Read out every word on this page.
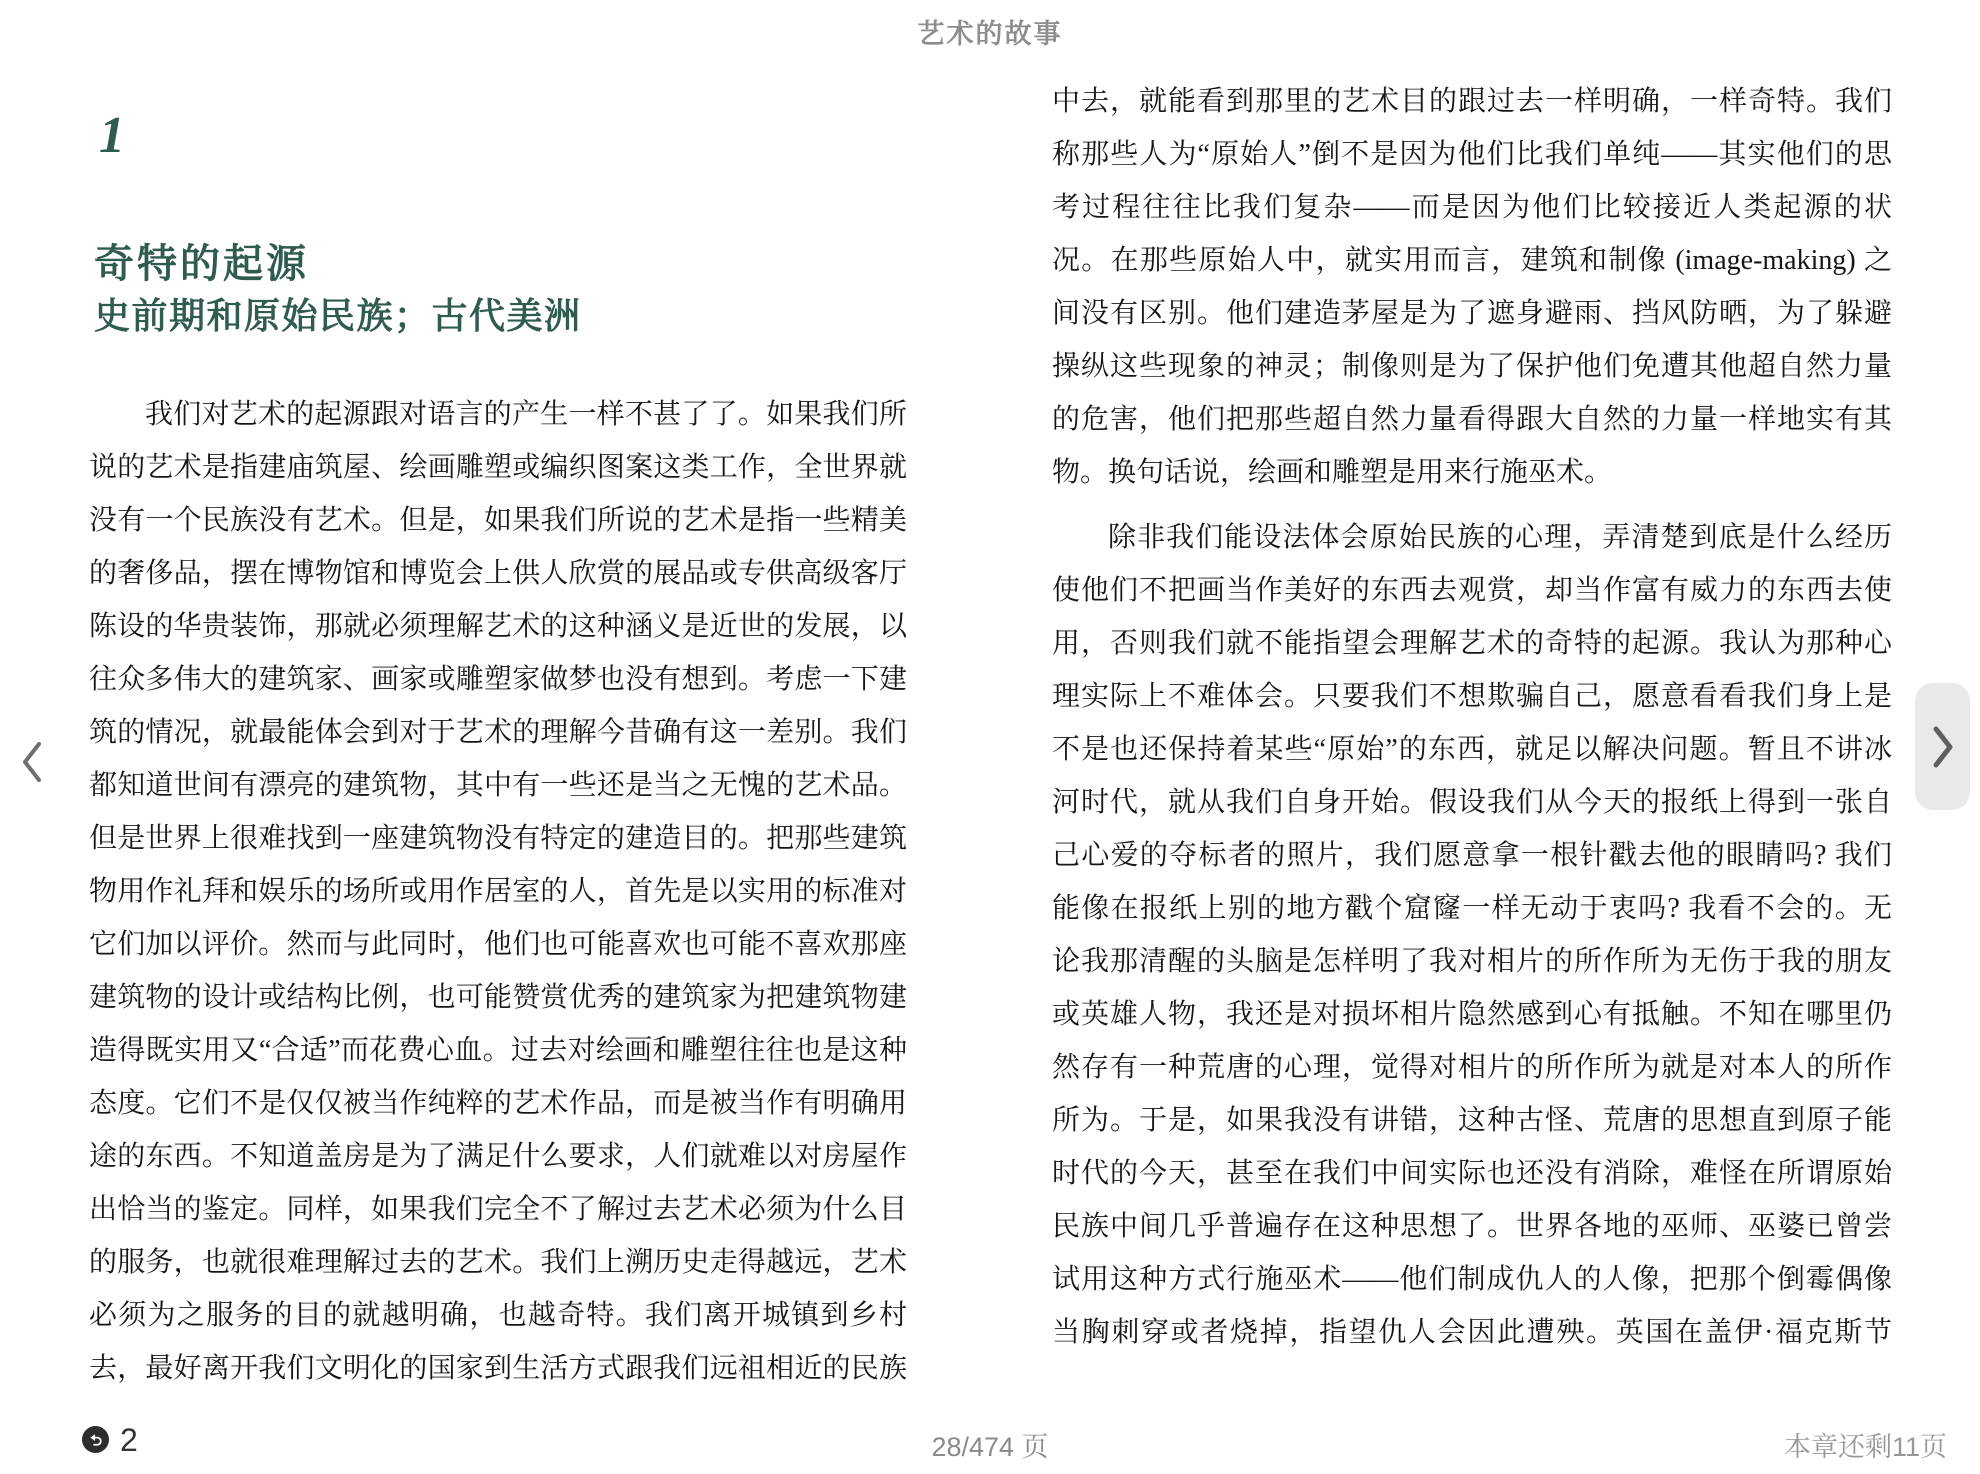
艺术的故事
1
奇特的起源
史前期和原始民族；古代美洲
我们对艺术的起源跟对语言的产生一样不甚了了。如果我们所
说的艺术是指建庙筑屋、绘画雕塑或编织图案这类工作，全世界就
没有一个民族没有艺术。但是，如果我们所说的艺术是指一些精美
的奢侈品，摆在博物馆和博览会上供人欣赏的展品或专供高级客厅
陈设的华贵装饰，那就必须理解艺术的这种涵义是近世的发展，以
往众多伟大的建筑家、画家或雕塑家做梦也没有想到。考虑一下建
筑的情况，就最能体会到对于艺术的理解今昔确有这一差别。我们
都知道世间有漂亮的建筑物，其中有一些还是当之无愧的艺术品。
但是世界上很难找到一座建筑物没有特定的建造目的。把那些建筑
物用作礼拜和娱乐的场所或用作居室的人，首先是以实用的标准对
它们加以评价。然而与此同时，他们也可能喜欢也可能不喜欢那座
建筑物的设计或结构比例，也可能赞赏优秀的建筑家为把建筑物建
造得既实用又“合适”而花费心血。过去对绘画和雕塑往往也是这种
态度。它们不是仅仅被当作纯粹的艺术作品，而是被当作有明确用
途的东西。不知道盖房是为了满足什么要求，人们就难以对房屋作
出恰当的鉴定。同样，如果我们完全不了解过去艺术必须为什么目
的服务，也就很难理解过去的艺术。我们上溯历史走得越远，艺术
必须为之服务的目的就越明确，也越奇特。我们离开城镇到乡村
去，最好离开我们文明化的国家到生活方式跟我们远祖相近的民族
中去，就能看到那里的艺术目的跟过去一样明确，一样奇特。我们
称那些人为“原始人”倒不是因为他们比我们单纯——其实他们的思
考过程往往比我们复杂——而是因为他们比较接近人类起源的状
况。在那些原始人中，就实用而言，建筑和制像 (image-making) 之
间没有区别。他们建造茅屋是为了遮身避雨、挡风防晒，为了躲避
操纵这些现象的神灵；制像则是为了保护他们免遭其他超自然力量
的危害，他们把那些超自然力量看得跟大自然的力量一样地实有其
物。换句话说，绘画和雕塑是用来行施巫术。
除非我们能设法体会原始民族的心理，弄清楚到底是什么经历
使他们不把画当作美好的东西去观赏，却当作富有威力的东西去使
用，否则我们就不能指望会理解艺术的奇特的起源。我认为那种心
理实际上不难体会。只要我们不想欺骗自己，愿意看看我们身上是
不是也还保持着某些“原始”的东西，就足以解决问题。暂且不讲冰
河时代，就从我们自身开始。假设我们从今天的报纸上得到一张自
己心爱的夺标者的照片，我们愿意拿一根针戳去他的眼睛吗? 我们
能像在报纸上别的地方戳个窟窿一样无动于衷吗? 我看不会的。无
论我那清醒的头脑是怎样明了我对相片的所作所为无伤于我的朋友
或英雄人物，我还是对损坏相片隐然感到心有抵触。不知在哪里仍
然存有一种荒唐的心理，觉得对相片的所作所为就是对本人的所作
所为。于是，如果我没有讲错，这种古怪、荒唐的思想直到原子能
时代的今天，甚至在我们中间实际也还没有消除，难怪在所谓原始
民族中间几乎普遍存在这种思想了。世界各地的巫师、巫婆已曾尝
试用这种方式行施巫术——他们制成仇人的人像，把那个倒霉偶像
当胸刺穿或者烧掉，指望仇人会因此遭殃。英国在盖伊·福克斯节
2	28/474 页	本章还剩11页
